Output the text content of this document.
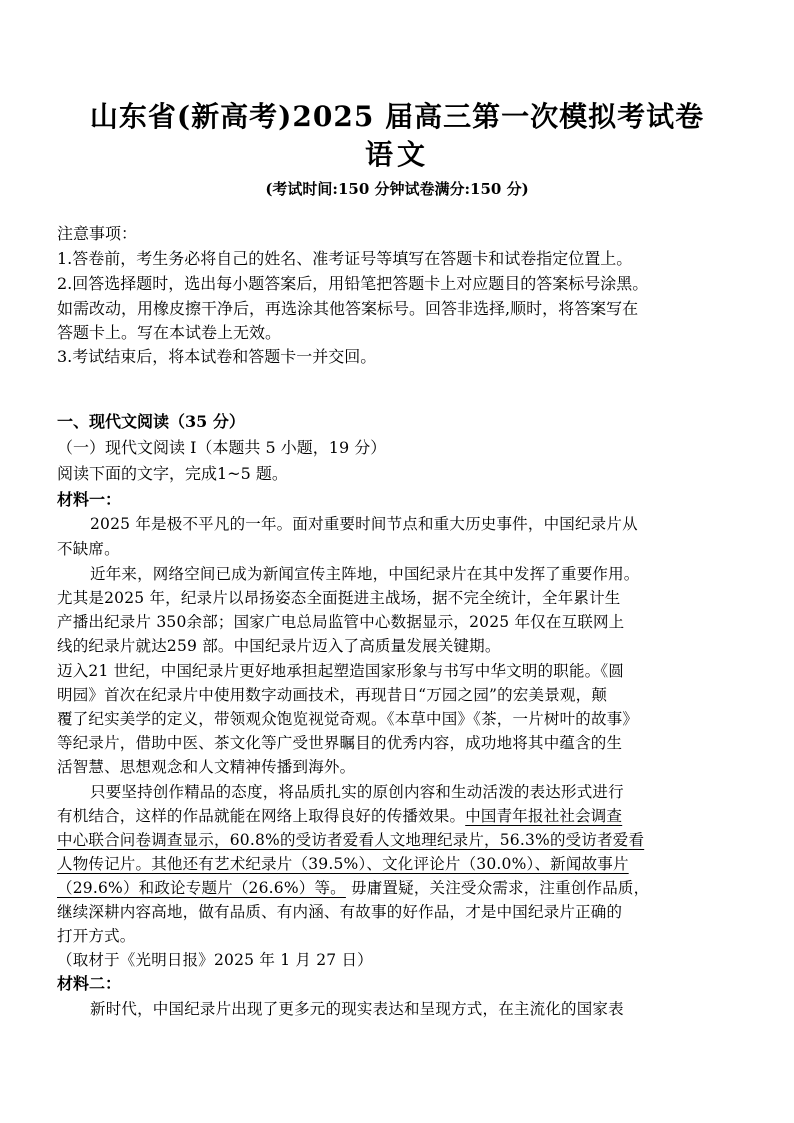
山东省(新高考)2025 届高三第一次模拟考试卷
语文
(考试时间:150 分钟试卷满分:150 分)
注意事项：
1.答卷前，考生务必将自己的姓名、准考证号等填写在答题卡和试卷指定位置上。
2.回答选择题时，选出每小题答案后，用铅笔把答题卡上对应题目的答案标号涂黑。
如需改动，用橡皮擦干净后，再选涂其他答案标号。回答非选择,顺时，将答案写在
答题卡上。写在本试卷上无效。
3.考试结束后，将本试卷和答题卡一并交回。
一、现代文阅读（35 分）
（一）现代文阅读 I（本题共 5 小题，19 分）
阅读下面的文字，完成1~5 题。
材料一：
2025 年是极不平凡的一年。面对重要时间节点和重大历史事件，中国纪录片从
不缺席。
近年来，网络空间已成为新闻宣传主阵地，中国纪录片在其中发挥了重要作用。
尤其是2025 年，纪录片以昂扬姿态全面挺进主战场，据不完全统计，全年累计生
产播出纪录片 350余部；国家广电总局监管中心数据显示，2025 年仅在互联网上
线的纪录片就达259 部。中国纪录片迈入了高质量发展关键期。
迈入21 世纪，中国纪录片更好地承担起塑造国家形象与书写中华文明的职能。《圆
明园》首次在纪录片中使用数字动画技术，再现昔日“万园之园”的宏美景观，颠
覆了纪实美学的定义，带领观众饱览视觉奇观。《本草中国》《茶，一片树叶的故事》
等纪录片，借助中医、茶文化等广受世界瞩目的优秀内容，成功地将其中蕴含的生
活智慧、思想观念和人文精神传播到海外。
只要坚持创作精品的态度，将品质扎实的原创内容和生动活泼的表达形式进行
有机结合，这样的作品就能在网络上取得良好的传播效果。中国青年报社社会调查
中心联合问卷调查显示，60.8%的受访者爱看人文地理纪录片，56.3%的受访者爱看
人物传记片。其他还有艺术纪录片（39.5%）、文化评论片（30.0%）、新闻故事片
（29.6%）和政论专题片（26.6%）等。 毋庸置疑，关注受众需求，注重创作品质，
继续深耕内容高地，做有品质、有内涵、有故事的好作品，才是中国纪录片正确的
打开方式。
（取材于《光明日报》2025 年 1 月 27 日）
材料二：
新时代，中国纪录片出现了更多元的现实表达和呈现方式，在主流化的国家表
